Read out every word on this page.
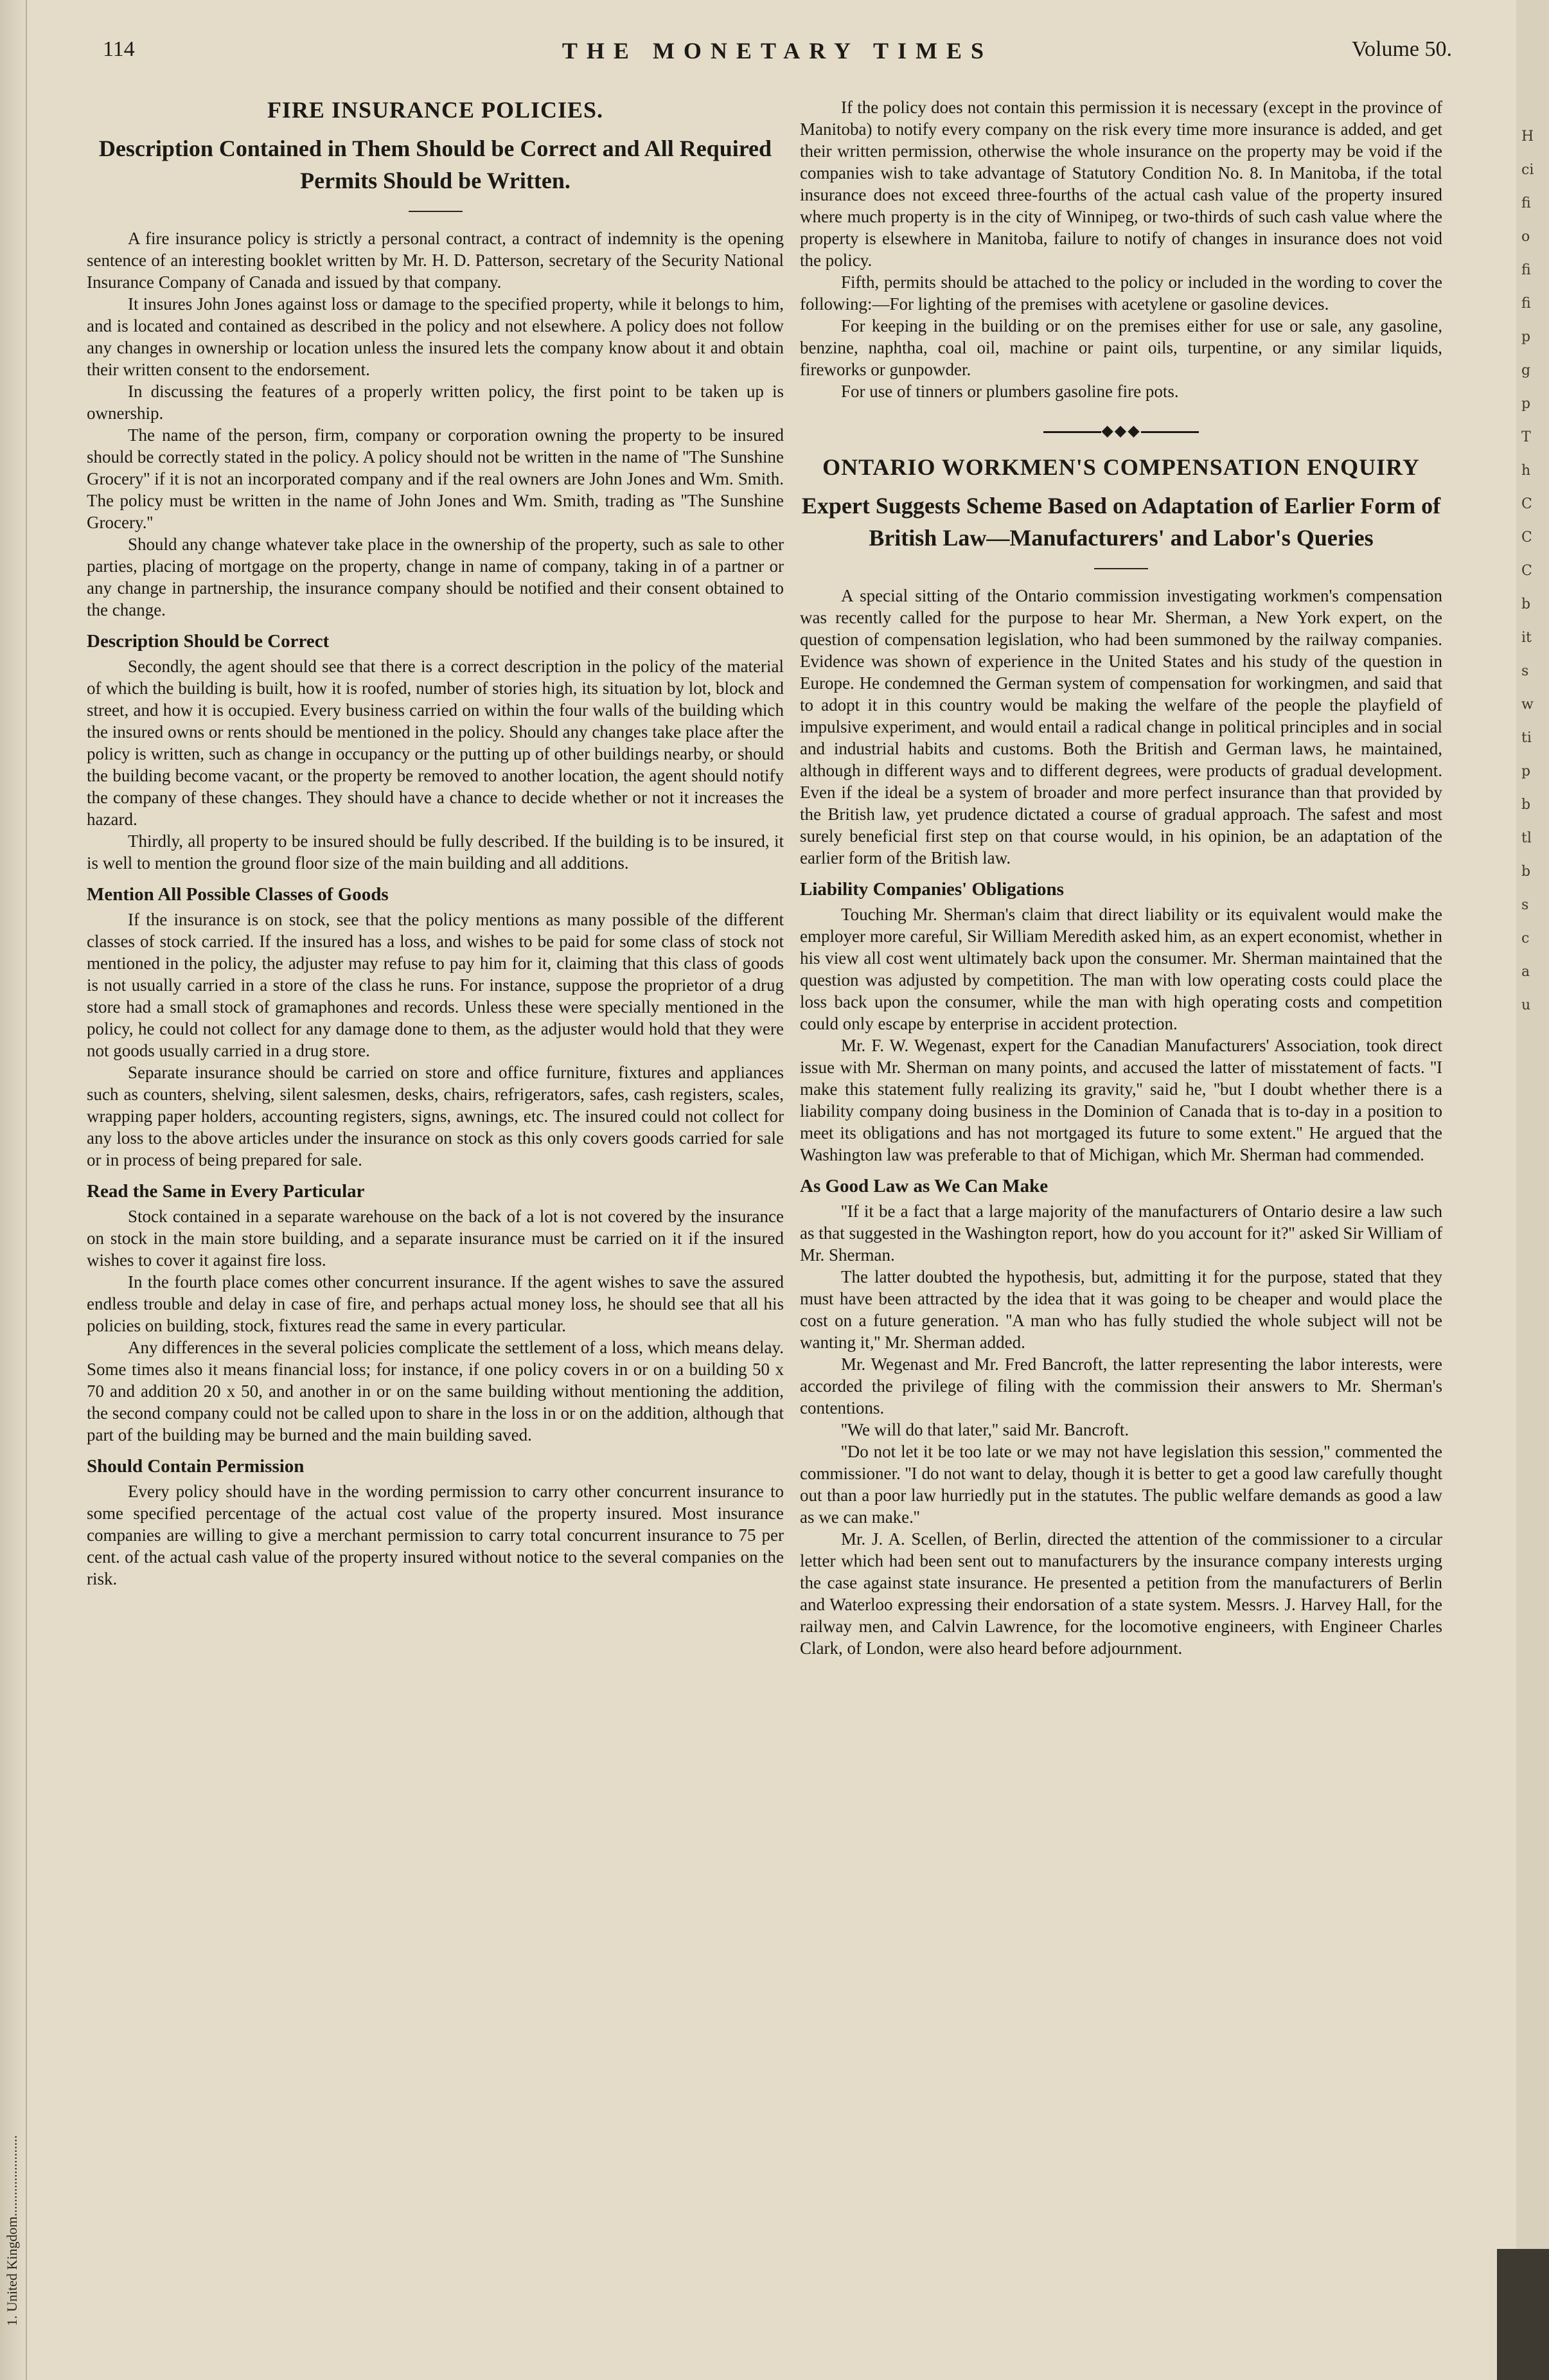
1. United Kingdom.......................
H
ci
fi
o
fi
fi
p
g
p
T
h
C
C
C
b
it
s
w
ti
p
b
tl
b
s
c
a
u
114	THE MONETARY TIMES	Volume 50.
FIRE INSURANCE POLICIES.
Description Contained in Them Should be Correct and All Required Permits Should be Written.

A fire insurance policy is strictly a personal contract, a contract of indemnity is the opening sentence of an interesting booklet written by Mr. H. D. Patterson, secretary of the Security National Insurance Company of Canada and issued by that company.

It insures John Jones against loss or damage to the specified property, while it belongs to him, and is located and contained as described in the policy and not elsewhere. A policy does not follow any changes in ownership or location unless the insured lets the company know about it and obtain their written consent to the endorsement.

In discussing the features of a properly written policy, the first point to be taken up is ownership.

The name of the person, firm, company or corporation owning the property to be insured should be correctly stated in the policy. A policy should not be written in the name of ''The Sunshine Grocery'' if it is not an incorporated company and if the real owners are John Jones and Wm. Smith. The policy must be written in the name of John Jones and Wm. Smith, trading as ''The Sunshine Grocery.''

Should any change whatever take place in the ownership of the property, such as sale to other parties, placing of mortgage on the property, change in name of company, taking in of a partner or any change in partnership, the insurance company should be notified and their consent obtained to the change.

Description Should be Correct

Secondly, the agent should see that there is a correct description in the policy of the material of which the building is built, how it is roofed, number of stories high, its situation by lot, block and street, and how it is occupied. Every business carried on within the four walls of the building which the insured owns or rents should be mentioned in the policy. Should any changes take place after the policy is written, such as change in occupancy or the putting up of other buildings nearby, or should the building become vacant, or the property be removed to another location, the agent should notify the company of these changes. They should have a chance to decide whether or not it increases the hazard.

Thirdly, all property to be insured should be fully described. If the building is to be insured, it is well to mention the ground floor size of the main building and all additions.

Mention All Possible Classes of Goods

If the insurance is on stock, see that the policy mentions as many possible of the different classes of stock carried. If the insured has a loss, and wishes to be paid for some class of stock not mentioned in the policy, the adjuster may refuse to pay him for it, claiming that this class of goods is not usually carried in a store of the class he runs. For instance, suppose the proprietor of a drug store had a small stock of gramaphones and records. Unless these were specially mentioned in the policy, he could not collect for any damage done to them, as the adjuster would hold that they were not goods usually carried in a drug store.

Separate insurance should be carried on store and office furniture, fixtures and appliances such as counters, shelving, silent salesmen, desks, chairs, refrigerators, safes, cash registers, scales, wrapping paper holders, accounting registers, signs, awnings, etc. The insured could not collect for any loss to the above articles under the insurance on stock as this only covers goods carried for sale or in process of being prepared for sale.

Read the Same in Every Particular

Stock contained in a separate warehouse on the back of a lot is not covered by the insurance on stock in the main store building, and a separate insurance must be carried on it if the insured wishes to cover it against fire loss.

In the fourth place comes other concurrent insurance. If the agent wishes to save the assured endless trouble and delay in case of fire, and perhaps actual money loss, he should see that all his policies on building, stock, fixtures read the same in every particular.

Any differences in the several policies complicate the settlement of a loss, which means delay. Some times also it means financial loss; for instance, if one policy covers in or on a building 50 x 70 and addition 20 x 50, and another in or on the same building without mentioning the addition, the second company could not be called upon to share in the loss in or on the addition, although that part of the building may be burned and the main building saved.

Should Contain Permission

Every policy should have in the wording permission to carry other concurrent insurance to some specified percentage of the actual cost value of the property insured. Most insurance companies are willing to give a merchant permission to carry total concurrent insurance to 75 per cent. of the actual cash value of the property insured without notice to the several companies on the risk.

If the policy does not contain this permission it is necessary (except in the province of Manitoba) to notify every company on the risk every time more insurance is added, and get their written permission, otherwise the whole insurance on the property may be void if the companies wish to take advantage of Statutory Condition No. 8. In Manitoba, if the total insurance does not exceed three-fourths of the actual cash value of the property insured where much property is in the city of Winnipeg, or two-thirds of such cash value where the property is elsewhere in Manitoba, failure to notify of changes in insurance does not void the policy.

Fifth, permits should be attached to the policy or included in the wording to cover the following:—For lighting of the premises with acetylene or gasoline devices.

For keeping in the building or on the premises either for use or sale, any gasoline, benzine, naphtha, coal oil, machine or paint oils, turpentine, or any similar liquids, fireworks or gunpowder.

For use of tinners or plumbers gasoline fire pots.

◆◆◆
ONTARIO WORKMEN'S COMPENSATION ENQUIRY
Expert Suggests Scheme Based on Adaptation of Earlier Form of British Law—Manufacturers' and Labor's Queries

A special sitting of the Ontario commission investigating workmen's compensation was recently called for the purpose to hear Mr. Sherman, a New York expert, on the question of compensation legislation, who had been summoned by the railway companies. Evidence was shown of experience in the United States and his study of the question in Europe. He condemned the German system of compensation for workingmen, and said that to adopt it in this country would be making the welfare of the people the playfield of impulsive experiment, and would entail a radical change in political principles and in social and industrial habits and customs. Both the British and German laws, he maintained, although in different ways and to different degrees, were products of gradual development. Even if the ideal be a system of broader and more perfect insurance than that provided by the British law, yet prudence dictated a course of gradual approach. The safest and most surely beneficial first step on that course would, in his opinion, be an adaptation of the earlier form of the British law.

Liability Companies' Obligations

Touching Mr. Sherman's claim that direct liability or its equivalent would make the employer more careful, Sir William Meredith asked him, as an expert economist, whether in his view all cost went ultimately back upon the consumer. Mr. Sherman maintained that the question was adjusted by competition. The man with low operating costs could place the loss back upon the consumer, while the man with high operating costs and competition could only escape by enterprise in accident protection.

Mr. F. W. Wegenast, expert for the Canadian Manufacturers' Association, took direct issue with Mr. Sherman on many points, and accused the latter of misstatement of facts. ''I make this statement fully realizing its gravity,'' said he, ''but I doubt whether there is a liability company doing business in the Dominion of Canada that is to-day in a position to meet its obligations and has not mortgaged its future to some extent.'' He argued that the Washington law was preferable to that of Michigan, which Mr. Sherman had commended.

As Good Law as We Can Make

''If it be a fact that a large majority of the manufacturers of Ontario desire a law such as that suggested in the Washington report, how do you account for it?'' asked Sir William of Mr. Sherman.

The latter doubted the hypothesis, but, admitting it for the purpose, stated that they must have been attracted by the idea that it was going to be cheaper and would place the cost on a future generation. ''A man who has fully studied the whole subject will not be wanting it,'' Mr. Sherman added.

Mr. Wegenast and Mr. Fred Bancroft, the latter representing the labor interests, were accorded the privilege of filing with the commission their answers to Mr. Sherman's contentions.

''We will do that later,'' said Mr. Bancroft.

''Do not let it be too late or we may not have legislation this session,'' commented the commissioner. ''I do not want to delay, though it is better to get a good law carefully thought out than a poor law hurriedly put in the statutes. The public welfare demands as good a law as we can make.''

Mr. J. A. Scellen, of Berlin, directed the attention of the commissioner to a circular letter which had been sent out to manufacturers by the insurance company interests urging the case against state insurance. He presented a petition from the manufacturers of Berlin and Waterloo expressing their endorsation of a state system. Messrs. J. Harvey Hall, for the railway men, and Calvin Lawrence, for the locomotive engineers, with Engineer Charles Clark, of London, were also heard before adjournment.
